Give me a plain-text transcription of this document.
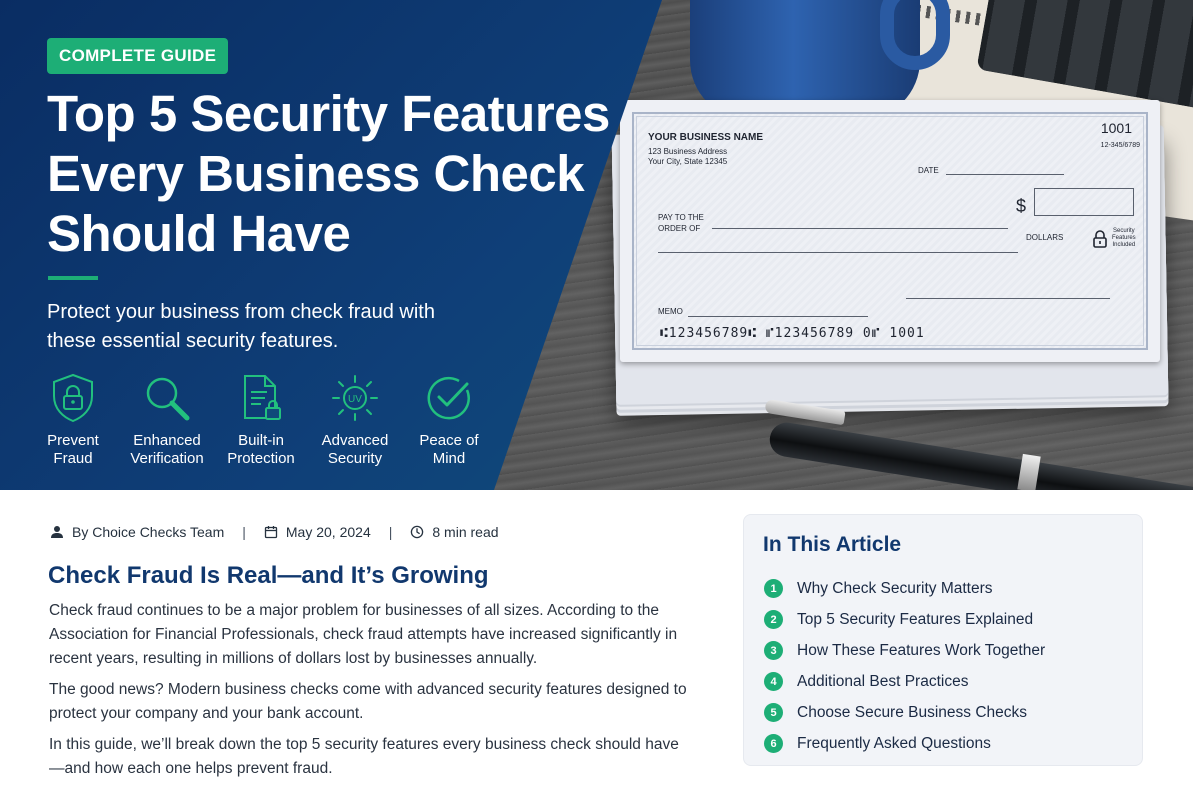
YOUR BUSINESS NAME
123 Business Address
Your City, State 12345
1001
12-345/6789
DATE
PAY TO THE
ORDER OF
$
DOLLARS
Security
Features
Included
MEMO
⑆123456789⑆ ⑈123456789 0⑈ 1001
COMPLETE GUIDE
Top 5 Security Features
Every Business Check
Should Have

Protect your business from check fraud with these essential security features.

Prevent Fraud
Enhanced Verification
Built-in Protection
UV
Advanced Security
Peace of Mind
By Choice Checks Team |	May 20, 2024 |	8 min read
Check Fraud Is Real—and It’s Growing

Check fraud continues to be a major problem for businesses of all sizes. According to the Association for Financial Professionals, check fraud attempts have increased significantly in recent years, resulting in millions of dollars lost by businesses annually.

The good news? Modern business checks come with advanced security features designed to protect your company and your bank account.

In this guide, we’ll break down the top 5 security features every business check should have—and how each one helps prevent fraud.

In This Article
1	Why Check Security Matters
2	Top 5 Security Features Explained
3	How These Features Work Together
4	Additional Best Practices
5	Choose Secure Business Checks
6	Frequently Asked Questions
